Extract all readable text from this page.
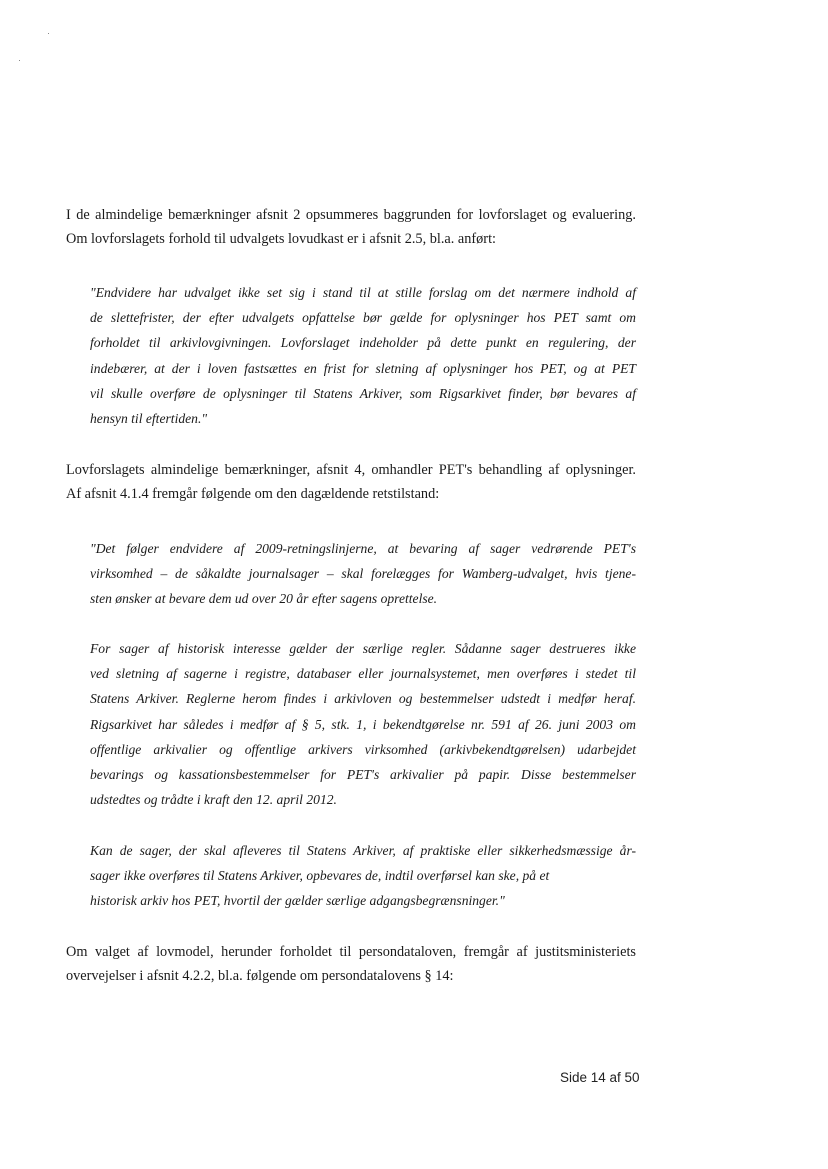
I de almindelige bemærkninger afsnit 2 opsummeres baggrunden for lovforslaget og evaluering.
Om lovforslagets forhold til udvalgets lovudkast er i afsnit 2.5, bl.a. anført:

"Endvidere har udvalget ikke set sig i stand til at stille forslag om det nærmere indhold af
de slettefrister, der efter udvalgets opfattelse bør gælde for oplysninger hos PET samt om
forholdet til arkivlovgivningen. Lovforslaget indeholder på dette punkt en regulering, der
indebærer, at der i loven fastsættes en frist for sletning af oplysninger hos PET, og at PET
vil skulle overføre de oplysninger til Statens Arkiver, som Rigsarkivet finder, bør bevares af
hensyn til eftertiden."

Lovforslagets almindelige bemærkninger, afsnit 4, omhandler PET's behandling af oplysninger.
Af afsnit 4.1.4 fremgår følgende om den dagældende retstilstand:

"Det følger endvidere af 2009-retningslinjerne, at bevaring af sager vedrørende PET's
virksomhed – de såkaldte journalsager – skal forelægges for Wamberg-udvalget, hvis tjene-
sten ønsker at bevare dem ud over 20 år efter sagens oprettelse.

For sager af historisk interesse gælder der særlige regler. Sådanne sager destrueres ikke
ved sletning af sagerne i registre, databaser eller journalsystemet, men overføres i stedet til
Statens Arkiver. Reglerne herom findes i arkivloven og bestemmelser udstedt i medfør heraf.
Rigsarkivet har således i medfør af § 5, stk. 1, i bekendtgørelse nr. 591 af 26. juni 2003 om
offentlige arkivalier og offentlige arkivers virksomhed (arkivbekendtgørelsen) udarbejdet
bevarings og kassationsbestemmelser for PET's arkivalier på papir. Disse bestemmelser
udstedtes og trådte i kraft den 12. april 2012.

Kan de sager, der skal afleveres til Statens Arkiver, af praktiske eller sikkerhedsmæssige år-
sager ikke overføres til Statens Arkiver, opbevares de, indtil overførsel kan ske, på et
historisk arkiv hos PET, hvortil der gælder særlige adgangsbegrænsninger."

Om valget af lovmodel, herunder forholdet til persondataloven, fremgår af justitsministeriets
overvejelser i afsnit 4.2.2, bl.a. følgende om persondatalovens § 14:

Side 14 af 50
